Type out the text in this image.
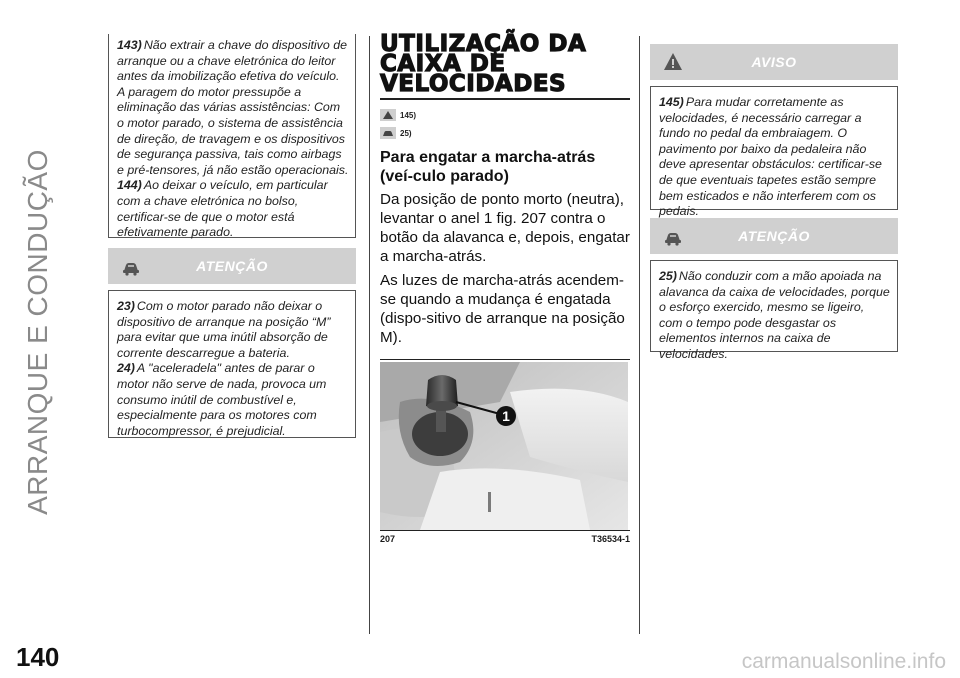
ARRANQUE E CONDUÇÃO

143) Não extrair a chave do dispositivo de arranque ou a chave eletrónica do leitor antes da imobilização efetiva do veículo. A paragem do motor pressupõe a eliminação das várias assistências: Com o motor parado, o sistema de assistência de direção, de travagem e os dispositivos de segurança passiva, tais como airbags e pré-tensores, já não estão operacionais.

144) Ao deixar o veículo, em particular com a chave eletrónica no bolso, certificar-se de que o motor está efetivamente parado.

ATENÇÃO

23) Com o motor parado não deixar o dispositivo de arranque na posição “M” para evitar que uma inútil absorção de corrente descarregue a bateria.

24) A "aceleradela" antes de parar o motor não serve de nada, provoca um consumo inútil de combustível e, especialmente para os motores com turbocompressor, é prejudicial.

UTILIZAÇÃO DA
CAIXA DE
VELOCIDADES
145)
25)
Para engatar a marcha-atrás (veí-culo parado)

Da posição de ponto morto (neutra), levantar o anel 1 fig. 207 contra o botão da alavanca e, depois, engatar a marcha-atrás.

As luzes de marcha-atrás acendem-se quando a mudança é engatada (dispo-sitivo de arranque na posição M).

1
207	T36534-1
AVISO

145) Para mudar corretamente as velocidades, é necessário carregar a fundo no pedal da embraiagem. O pavimento por baixo da pedaleira não deve apresentar obstáculos: certificar-se de que eventuais tapetes estão sempre bem esticados e não interferem com os pedais.

ATENÇÃO

25) Não conduzir com a mão apoiada na alavanca da caixa de velocidades, porque o esforço exercido, mesmo se ligeiro, com o tempo pode desgastar os elementos internos na caixa de velocidades.

140	carmanualsonline.info
